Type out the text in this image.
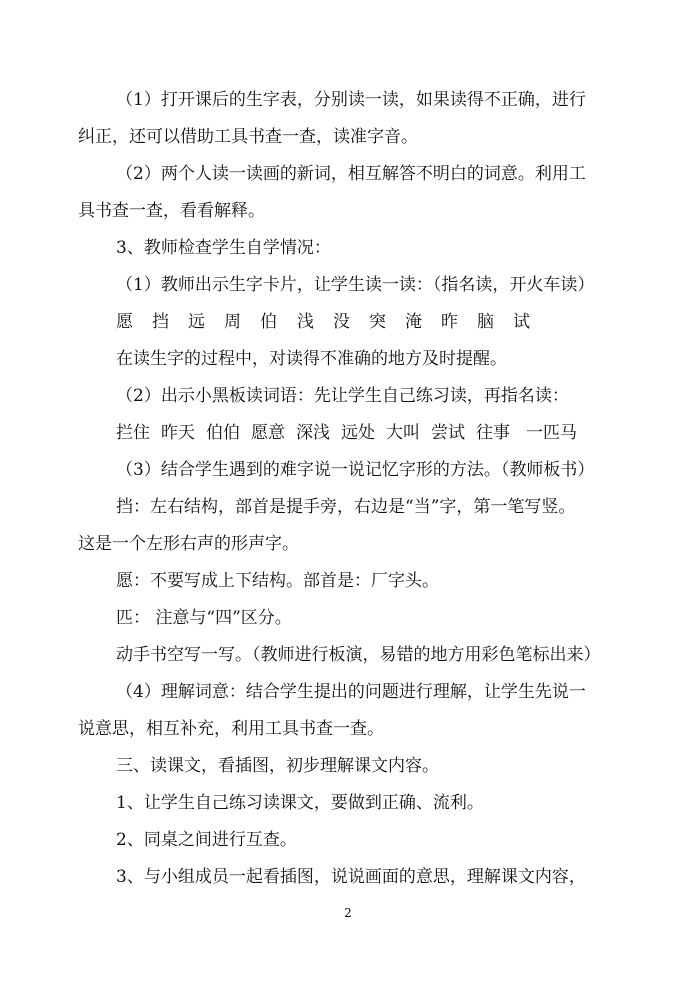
（1）打开课后的生字表，分别读一读，如果读得不正确，进行
纠正，还可以借助工具书查一查，读准字音。
（2）两个人读一读画的新词，相互解答不明白的词意。利用工
具书查一查，看看解释。
3、教师检查学生自学情况：
（1）教师出示生字卡片，让学生读一读：（指名读，开火车读）
愿 挡 远 周 伯 浅 没 突 淹 昨 脑 试
在读生字的过程中，对读得不准确的地方及时提醒。
（2）出示小黑板读词语：先让学生自己练习读，再指名读：
拦住 昨天 伯伯 愿意 深浅 远处 大叫 尝试 往事 一匹马
（3）结合学生遇到的难字说一说记忆字形的方法。（教师板书）
挡：左右结构，部首是提手旁，右边是“当”字，第一笔写竖。
这是一个左形右声的形声字。
愿：不要写成上下结构。部首是：厂字头。
匹： 注意与“四”区分。
动手书空写一写。（教师进行板演，易错的地方用彩色笔标出来）
（4）理解词意：结合学生提出的问题进行理解，让学生先说一
说意思，相互补充，利用工具书查一查。
三、读课文，看插图，初步理解课文内容。
1、让学生自己练习读课文，要做到正确、流利。
2、同桌之间进行互查。
3、与小组成员一起看插图，说说画面的意思，理解课文内容，
2
